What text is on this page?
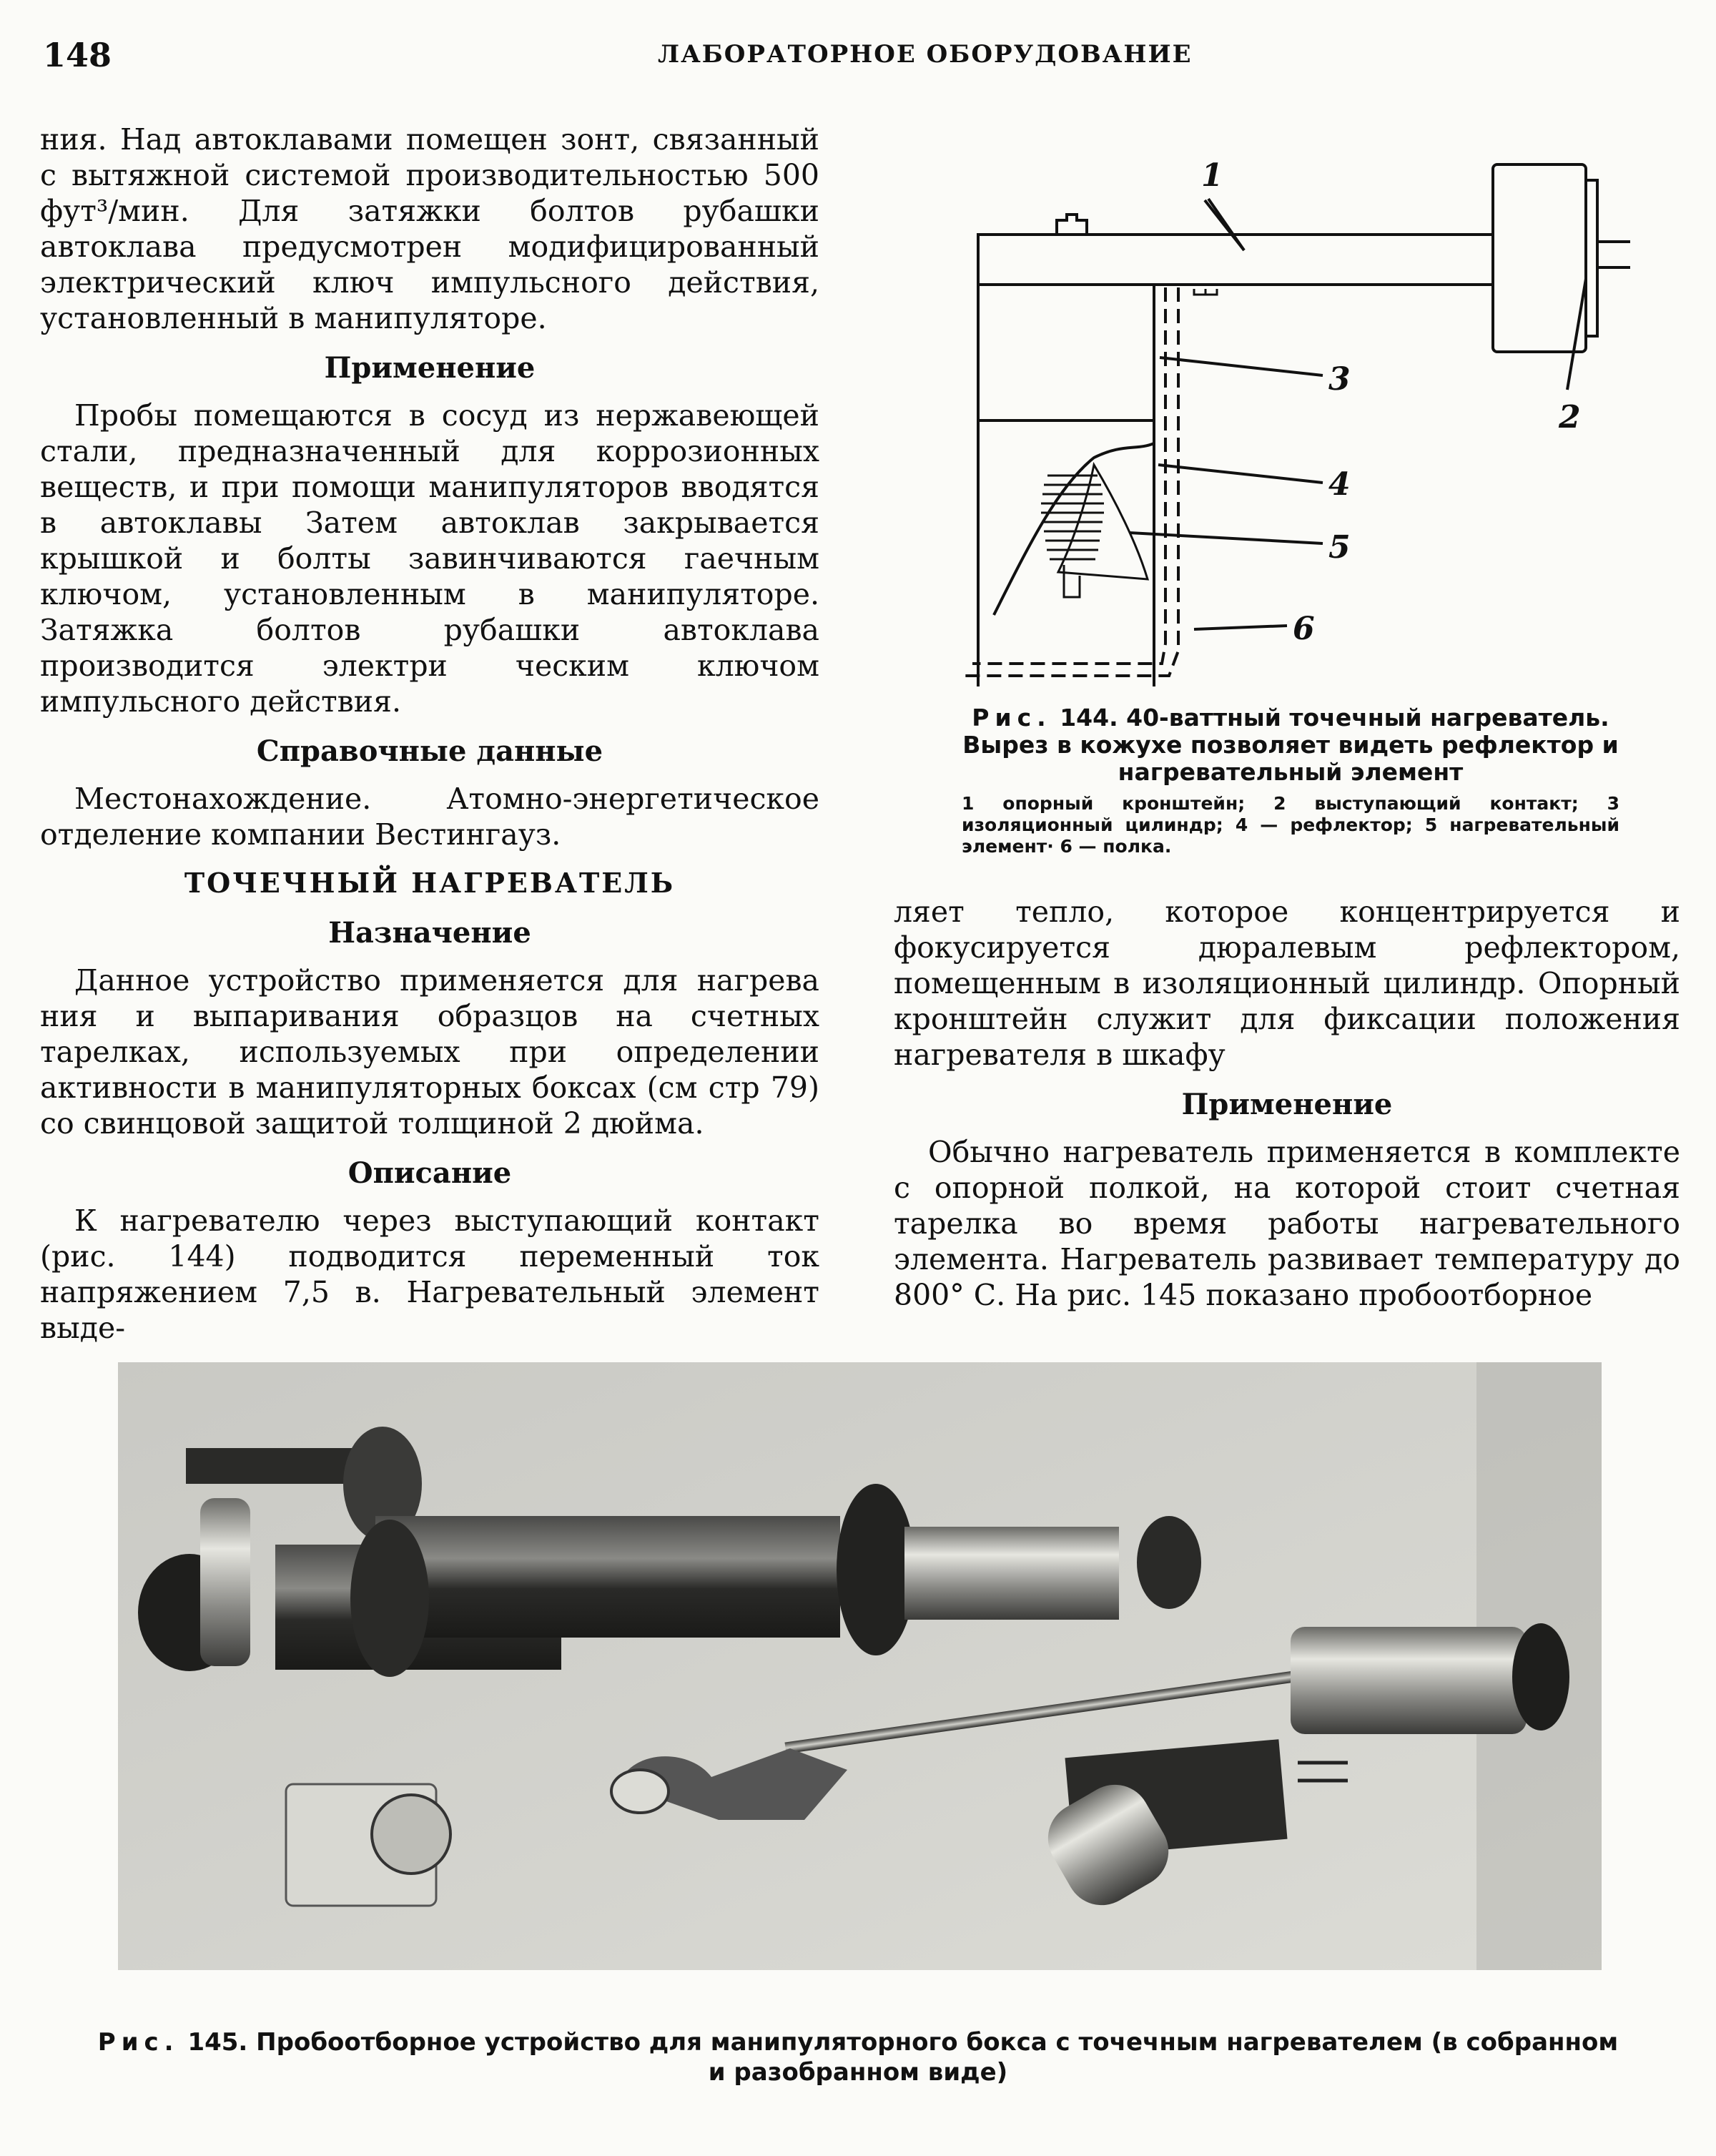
148	ЛАБОРАТОРНОЕ ОБОРУДОВАНИЕ

ния. Над автоклавами помещен зонт, связанный с вытяжной системой производительностью 500 фут³/мин. Для затяжки болтов рубашки автоклава предусмотрен модифицированный электрический ключ импульсного действия, установленный в манипуляторе.

Применение

Пробы помещаются в сосуд из нержавеющей стали, предназначенный для коррозионных веществ, и при помощи манипуляторов вводятся в автоклавы Затем автоклав закрывается крышкой и болты завинчиваются гаечным ключом, установленным в манипуляторе. Затяжка болтов рубашки автоклава производится электри ческим ключом импульсного действия.

Справочные данные

Местонахождение. Атомно-энергетическое отделение компании Вестингауз.

ТОЧЕЧНЫЙ НАГРЕВАТЕЛЬ
Назначение

Данное устройство применяется для нагрева ния и выпаривания образцов на счетных тарелках, используемых при определении активности в манипуляторных боксах (см стр 79) со свинцовой защитой толщиной 2 дюйма.

Описание

К нагревателю через выступающий контакт (рис. 144) подводится переменный ток напряжением 7,5 в. Нагревательный элемент выде-

1
2
3
4
5
6
Рис. 144. 40-ваттный точечный нагреватель. Вырез в кожухе позволяет видеть рефлектор и нагревательный элемент
1 опорный кронштейн; 2 выступающий контакт; 3 изоляционный цилиндр; 4 — рефлектор; 5 нагревательный элемент· 6 — полка.

ляет тепло, которое концентрируется и фокусируется дюралевым рефлектором, помещенным в изоляционный цилиндр. Опорный кронштейн служит для фиксации положения нагревателя в шкафу

Применение

Обычно нагреватель применяется в комплекте с опорной полкой, на которой стоит счетная тарелка во время работы нагревательного элемента. Нагреватель развивает температуру до 800° С. На рис. 145 показано пробоотборное

Рис. 145. Пробоотборное устройство для манипуляторного бокса с точечным нагревателем (в собранном и разобранном виде)
